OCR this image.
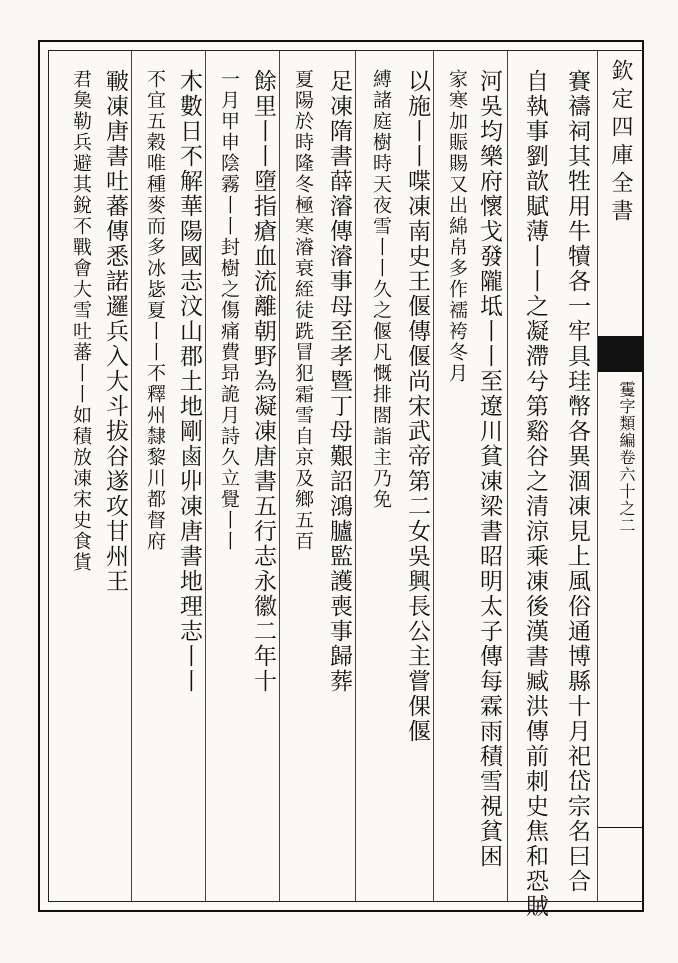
欽定四庫全書
䨥字類編卷六十之二
賽禱祠其牲用牛犢各一牢具珪幣各異涸凍見上風俗通博縣十月祀岱宗名曰合
自執事劉歆賦薄丨丨之凝滯兮第谿谷之清涼乘凍後漢書臧洪傳前刺史焦和恐賊
河吳均樂府懷戈發隴坻丨丨至遼川貧凍梁書昭明太子傳每霖雨積雪視貧困
家寒加賑賜又出綿帛多作襦袴冬月
以施丨丨喋凍南史王偃傳偃尚宋武帝第二女吳興長公主嘗倮偃
縛諸庭樹時天夜雪丨丨久之偃凡慨排閤詣主乃免
足凍隋書薛濬傳濬事母至孝暨丁母艱詔鴻臚監護喪事歸葬
夏陽於時隆冬極寒濬衰絰徒跣冒犯霜雪自京及鄉五百
餘里丨丨墮指瘡血流離朝野為凝凍唐書五行志永徽二年十
一月甲申陰霧丨丨封樹之傷痛費昻詭月詩久立覺丨丨
木數日不解華陽國志汶山郡土地剛鹵丱凍唐書地理志丨丨
不宜五穀唯種麥而多冰毖夏丨丨不釋州隸黎川都督府
皸凍唐書吐蕃傳悉諾邏兵入大斗拔谷遂攻甘州王
君㚟勒兵避其銳不戰會大雪吐蕃丨丨如積放凍宋史食貨
